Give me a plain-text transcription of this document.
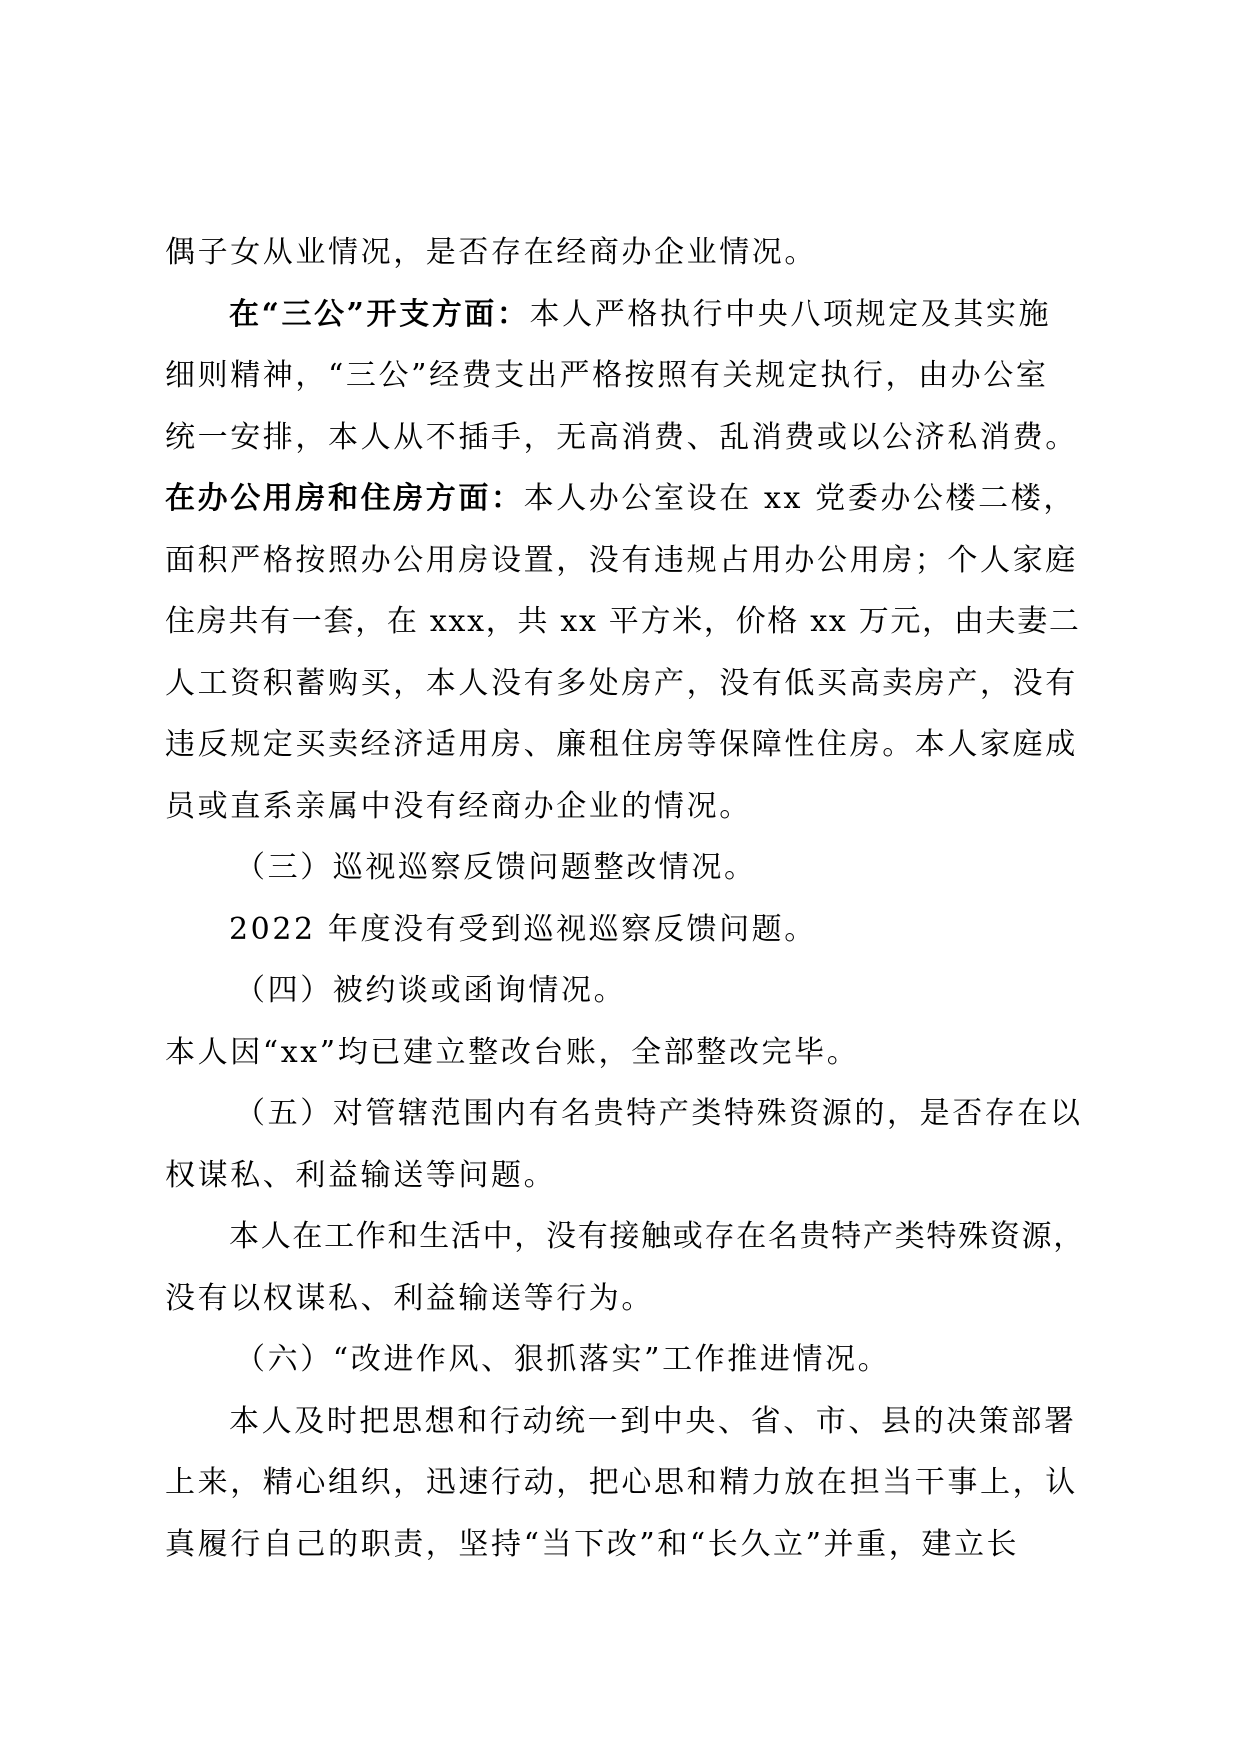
偶子女从业情况，是否存在经商办企业情况。
在“三公”开支方面：本人严格执行中央八项规定及其实施
细则精神，“三公”经费支出严格按照有关规定执行，由办公室
统一安排，本人从不插手，无高消费、乱消费或以公济私消费。
在办公用房和住房方面：本人办公室设在 xx 党委办公楼二楼，
面积严格按照办公用房设置，没有违规占用办公用房；个人家庭
住房共有一套，在 xxx，共 xx 平方米，价格 xx 万元，由夫妻二
人工资积蓄购买，本人没有多处房产，没有低买高卖房产，没有
违反规定买卖经济适用房、廉租住房等保障性住房。本人家庭成
员或直系亲属中没有经商办企业的情况。
（三）巡视巡察反馈问题整改情况。
2022 年度没有受到巡视巡察反馈问题。
（四）被约谈或函询情况。
本人因“xx”均已建立整改台账，全部整改完毕。
（五）对管辖范围内有名贵特产类特殊资源的，是否存在以
权谋私、利益输送等问题。
本人在工作和生活中，没有接触或存在名贵特产类特殊资源，
没有以权谋私、利益输送等行为。
（六）“改进作风、狠抓落实”工作推进情况。
本人及时把思想和行动统一到中央、省、市、县的决策部署
上来，精心组织，迅速行动，把心思和精力放在担当干事上，认
真履行自己的职责，坚持“当下改”和“长久立”并重，建立长
